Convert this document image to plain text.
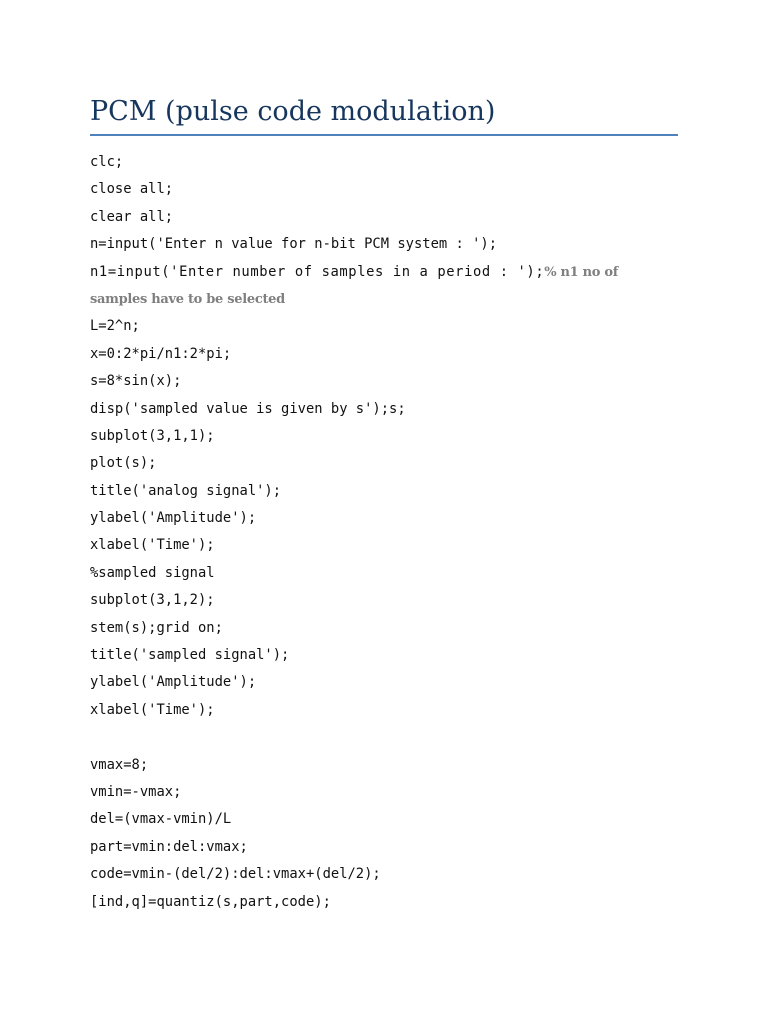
PCM (pulse code modulation)
clc;
close all;
clear all;
n=input('Enter n value for n-bit PCM system : ');
n1=input('Enter number of samples in a period : ');% n1 no of
samples have to be selected
L=2^n;
x=0:2*pi/n1:2*pi;
s=8*sin(x);
disp('sampled value is given by s');s;
subplot(3,1,1);
plot(s);
title('analog signal');
ylabel('Amplitude');
xlabel('Time');
%sampled signal
subplot(3,1,2);
stem(s);grid on;
title('sampled signal');
ylabel('Amplitude');
xlabel('Time');
vmax=8;
vmin=-vmax;
del=(vmax-vmin)/L
part=vmin:del:vmax;
code=vmin-(del/2):del:vmax+(del/2);
[ind,q]=quantiz(s,part,code);
